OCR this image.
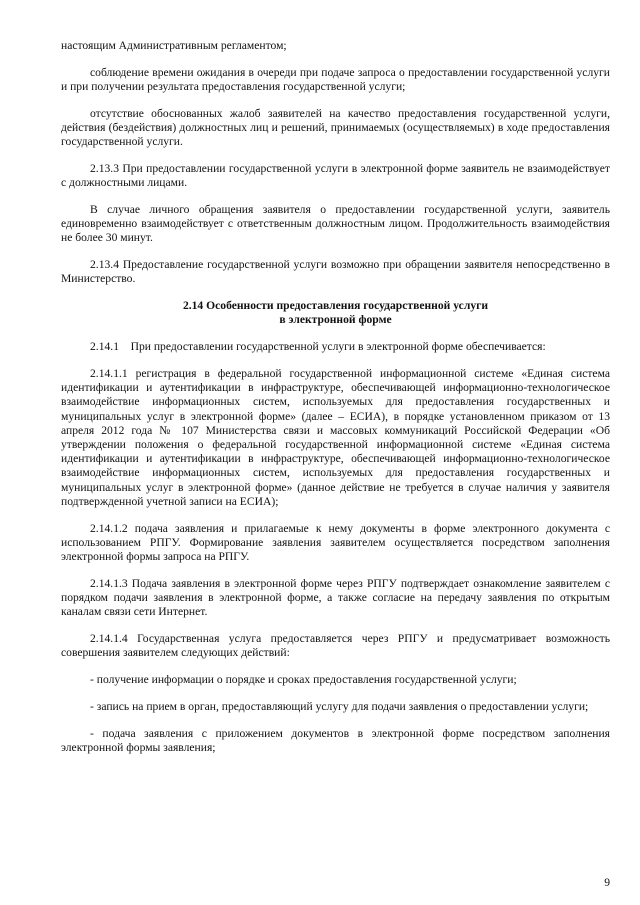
настоящим Административным регламентом;

соблюдение времени ожидания в очереди при подаче запроса о предоставлении государственной услуги и при получении результата предоставления государственной услуги;

отсутствие обоснованных жалоб заявителей на качество предоставления государственной услуги, действия (бездействия) должностных лиц и решений, принимаемых (осуществляемых) в ходе предоставления государственной услуги.

2.13.3 При предоставлении государственной услуги в электронной форме заявитель не взаимодействует с должностными лицами.

В случае личного обращения заявителя о предоставлении государственной услуги, заявитель единовременно взаимодействует с ответственным должностным лицом. Продолжительность взаимодействия не более 30 минут.

2.13.4 Предоставление государственной услуги возможно при обращении заявителя непосредственно в Министерство.

2.14 Особенности предоставления государственной услуги
в электронной форме

2.14.1    При предоставлении государственной услуги в электронной форме обеспечивается:

2.14.1.1 регистрация в федеральной государственной информационной системе «Единая система идентификации и аутентификации в инфраструктуре, обеспечивающей информационно-технологическое взаимодействие информационных систем, используемых для предоставления государственных и муниципальных услуг в электронной форме» (далее – ЕСИА), в порядке установленном приказом от 13 апреля 2012 года № 107 Министерства связи и массовых коммуникаций Российской Федерации «Об утверждении положения о федеральной государственной информационной системе «Единая система идентификации и аутентификации в инфраструктуре, обеспечивающей информационно-технологическое взаимодействие информационных систем, используемых для предоставления государственных и муниципальных услуг в электронной форме» (данное действие не требуется в случае наличия у заявителя подтвержденной учетной записи на ЕСИА);

2.14.1.2 подача заявления и прилагаемые к нему документы в форме электронного документа с использованием РПГУ. Формирование заявления заявителем осуществляется посредством заполнения электронной формы запроса на РПГУ.

2.14.1.3 Подача заявления в электронной форме через РПГУ подтверждает ознакомление заявителем с порядком подачи заявления в электронной форме, а также согласие на передачу заявления по открытым каналам связи сети Интернет.

2.14.1.4 Государственная услуга предоставляется через РПГУ и предусматривает возможность совершения заявителем следующих действий:

- получение информации о порядке и сроках предоставления государственной услуги;

- запись на прием в орган, предоставляющий услугу для подачи заявления о предоставлении услуги;

- подача заявления с приложением документов в электронной форме посредством заполнения электронной формы заявления;

9
